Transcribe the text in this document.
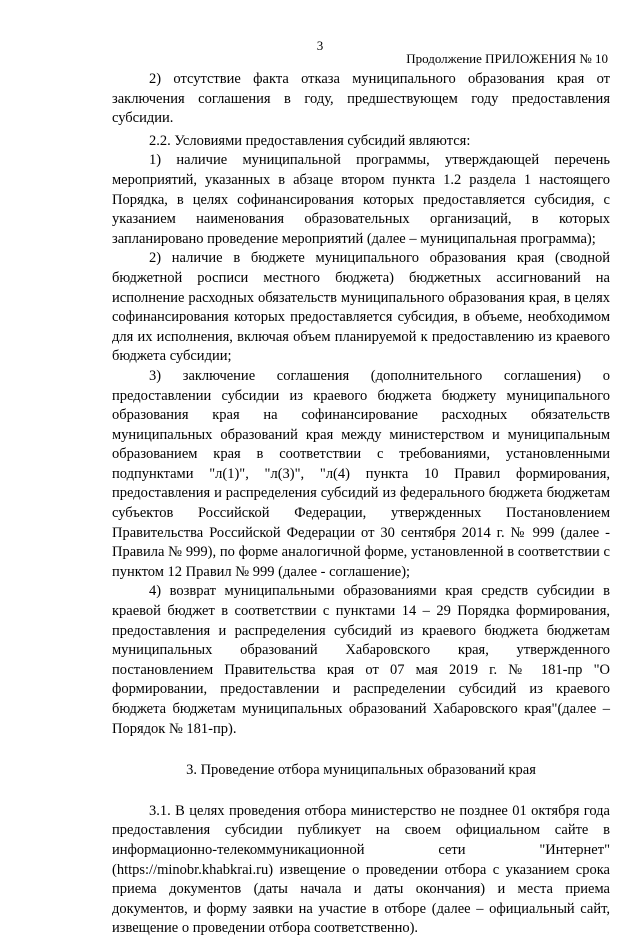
3
Продолжение ПРИЛОЖЕНИЯ № 10

2) отсутствие факта отказа муниципального образования края от заключения соглашения в году, предшествующем году предоставления субсидии.

2.2. Условиями предоставления субсидий являются:

1) наличие муниципальной программы, утверждающей перечень мероприятий, указанных в абзаце втором пункта 1.2 раздела 1 настоящего Порядка, в целях софинансирования которых предоставляется субсидия, с указанием наименования образовательных организаций, в которых запланировано проведение мероприятий (далее – муниципальная программа);

2) наличие в бюджете муниципального образования края (сводной бюджетной росписи местного бюджета) бюджетных ассигнований на исполнение расходных обязательств муниципального образования края, в целях софинансирования которых предоставляется субсидия, в объеме, необходимом для их исполнения, включая объем планируемой к предоставлению из краевого бюджета субсидии;

3) заключение соглашения (дополнительного соглашения) о предоставлении субсидии из краевого бюджета бюджету муниципального образования края на софинансирование расходных обязательств муниципальных образований края между министерством и муниципальным образованием края в соответствии с требованиями, установленными подпунктами "л(1)", "л(3)", "л(4) пункта 10 Правил формирования, предоставления и распределения субсидий из федерального бюджета бюджетам субъектов Российской Федерации, утвержденных Постановлением Правительства Российской Федерации от 30 сентября 2014 г. № 999 (далее - Правила № 999), по форме аналогичной форме, установленной в соответствии с пунктом 12 Правил № 999 (далее - соглашение);

4) возврат муниципальными образованиями края средств субсидии в краевой бюджет в соответствии с пунктами 14 – 29 Порядка формирования, предоставления и распределения субсидий из краевого бюджета бюджетам муниципальных образований Хабаровского края, утвержденного постановлением Правительства края от 07 мая 2019 г. № 181-пр "О формировании, предоставлении и распределении субсидий из краевого бюджета бюджетам муниципальных образований Хабаровского края"(далее – Порядок № 181-пр).

3. Проведение отбора муниципальных образований края

3.1. В целях проведения отбора министерство не позднее 01 октября года предоставления субсидии публикует на своем официальном сайте в информационно-телекоммуникационной сети "Интернет" (https://minobr.khabkrai.ru) извещение о проведении отбора с указанием срока приема документов (даты начала и даты окончания) и места приема документов, и форму заявки на участие в отборе (далее – официальный сайт, извещение о проведении отбора соответственно).
